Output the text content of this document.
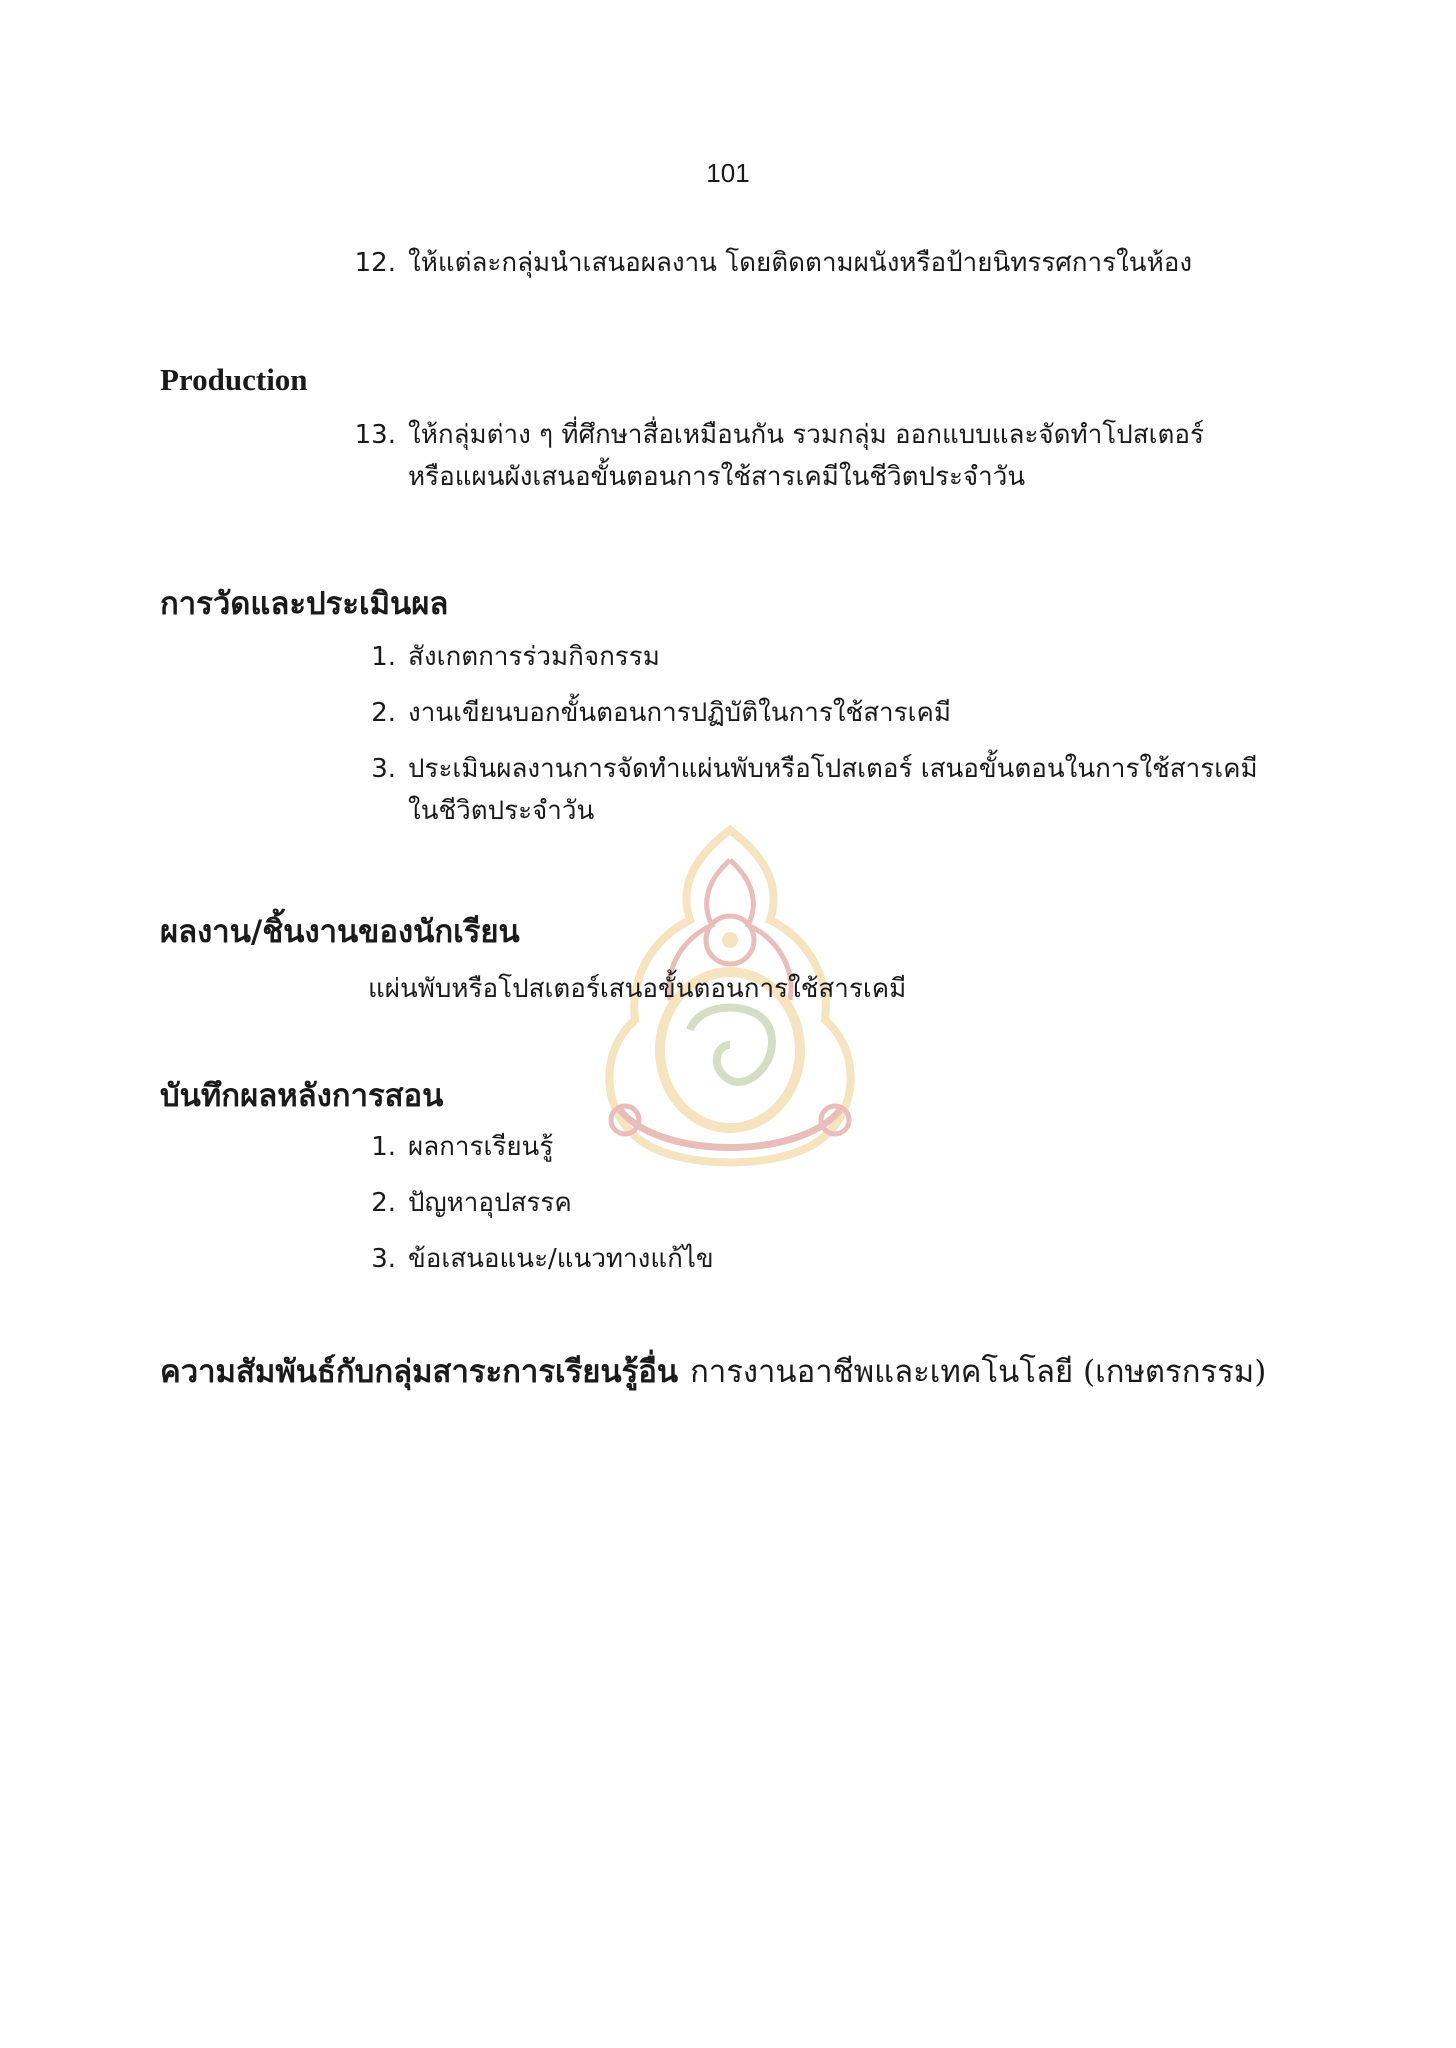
101
12. ให้แต่ละกลุ่มนำเสนอผลงาน โดยติดตามผนังหรือป้ายนิทรรศการในห้อง
Production
13. ให้กลุ่มต่าง ๆ ที่ศึกษาสื่อเหมือนกัน รวมกลุ่ม ออกแบบและจัดทำโปสเตอร์
หรือแผนผังเสนอขั้นตอนการใช้สารเคมีในชีวิตประจำวัน
การวัดและประเมินผล
1. สังเกตการร่วมกิจกรรม
2. งานเขียนบอกขั้นตอนการปฏิบัติในการใช้สารเคมี
3. ประเมินผลงานการจัดทำแผ่นพับหรือโปสเตอร์ เสนอขั้นตอนในการใช้สารเคมี
ในชีวิตประจำวัน
ผลงาน/ชิ้นงานของนักเรียน
แผ่นพับหรือโปสเตอร์เสนอขั้นตอนการใช้สารเคมี
บันทึกผลหลังการสอน
1. ผลการเรียนรู้
2. ปัญหาอุปสรรค
3. ข้อเสนอแนะ/แนวทางแก้ไข
ความสัมพันธ์กับกลุ่มสาระการเรียนรู้อื่น การงานอาชีพและเทคโนโลยี (เกษตรกรรม)
